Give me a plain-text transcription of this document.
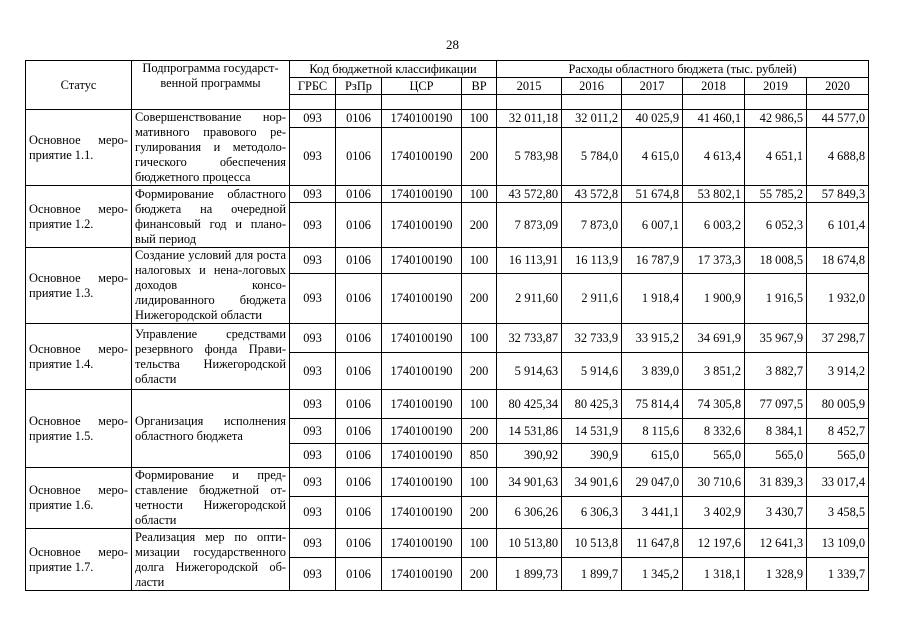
28
Статус	Подпрограмма государст-венной программы	Код бюджетной классификации				Расходы областного бюджета (тыс. рублей)					
		ГРБС	РзПр	ЦСР	ВР	2015	2016	2017	2018	2019	2020

Основное меро-приятие 1.1.	Совершенствование нор-мативного правового ре-гулирования и методоло-гического обеспечения бюджетного процесса	093	0106	1740100190	100	32 011,18	32 011,2	40 025,9	41 460,1	42 986,5	44 577,0
		093	0106	1740100190	200	5 783,98	5 784,0	4 615,0	4 613,4	4 651,1	4 688,8
Основное меро-приятие 1.2.	Формирование областного бюджета на очередной финансовый год и плано-вый период	093	0106	1740100190	100	43 572,80	43 572,8	51 674,8	53 802,1	55 785,2	57 849,3
		093	0106	1740100190	200	7 873,09	7 873,0	6 007,1	6 003,2	6 052,3	6 101,4
Основное меро-приятие 1.3.	Создание условий для роста налоговых и нена-логовых доходов консо-лидированного бюджета Нижегородской области	093	0106	1740100190	100	16 113,91	16 113,9	16 787,9	17 373,3	18 008,5	18 674,8
		093	0106	1740100190	200	2 911,60	2 911,6	1 918,4	1 900,9	1 916,5	1 932,0
Основное меро-приятие 1.4.	Управление средствами резервного фонда Прави-тельства Нижегородской области	093	0106	1740100190	100	32 733,87	32 733,9	33 915,2	34 691,9	35 967,9	37 298,7
		093	0106	1740100190	200	5 914,63	5 914,6	3 839,0	3 851,2	3 882,7	3 914,2
Основное меро-приятие 1.5.	Организация исполнения областного бюджета	093	0106	1740100190	100	80 425,34	80 425,3	75 814,4	74 305,8	77 097,5	80 005,9
		093	0106	1740100190	200	14 531,86	14 531,9	8 115,6	8 332,6	8 384,1	8 452,7
		093	0106	1740100190	850	390,92	390,9	615,0	565,0	565,0	565,0
Основное меро-приятие 1.6.	Формирование и пред-ставление бюджетной от-четности Нижегородской области	093	0106	1740100190	100	34 901,63	34 901,6	29 047,0	30 710,6	31 839,3	33 017,4
		093	0106	1740100190	200	6 306,26	6 306,3	3 441,1	3 402,9	3 430,7	3 458,5
Основное меро-приятие 1.7.	Реализация мер по опти-мизации государственного долга Нижегородской об-ласти	093	0106	1740100190	100	10 513,80	10 513,8	11 647,8	12 197,6	12 641,3	13 109,0
		093	0106	1740100190	200	1 899,73	1 899,7	1 345,2	1 318,1	1 328,9	1 339,7
